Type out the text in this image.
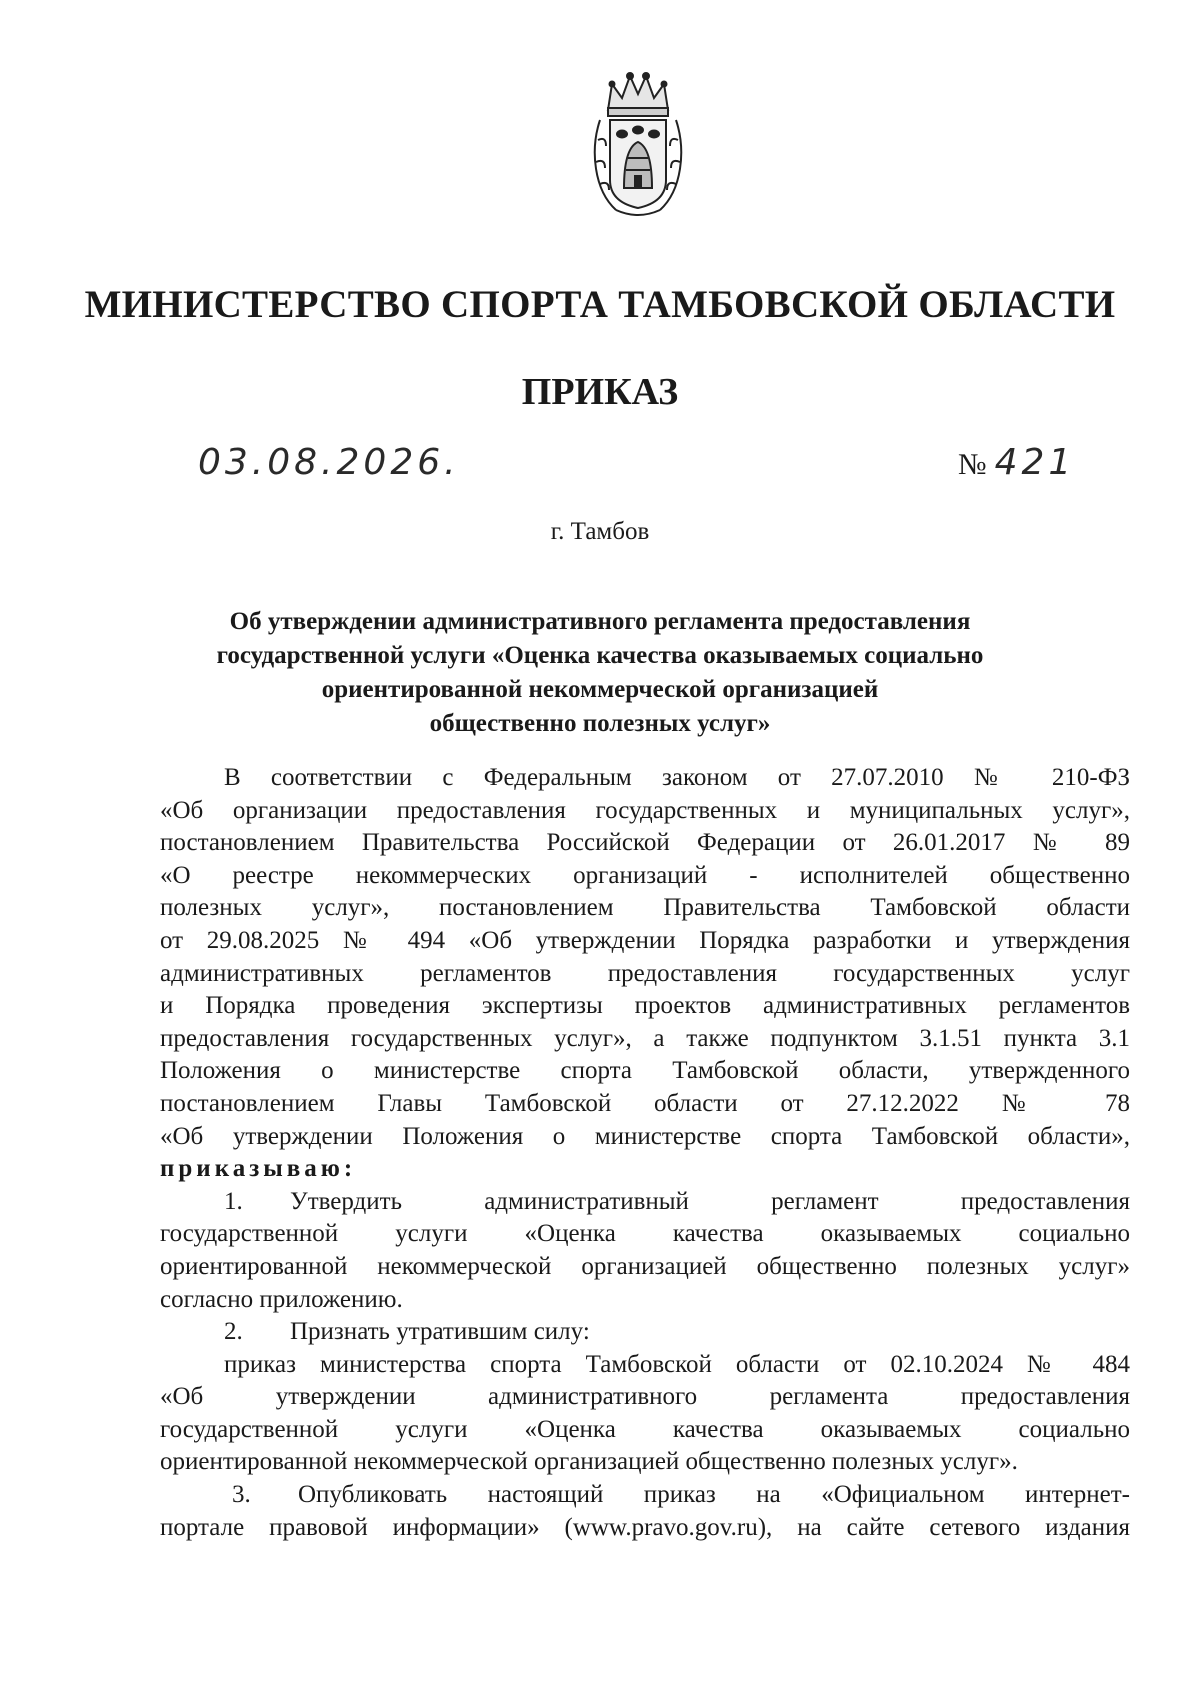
МИНИСТЕРСТВО СПОРТА ТАМБОВСКОЙ ОБЛАСТИ
ПРИКАЗ
03.08.2026.	№ 421
г. Тамбов
Об утверждении административного регламента предоставления
государственной услуги «Оценка качества оказываемых социально
ориентированной некоммерческой организацией
общественно полезных услуг»
В соответствии с Федеральным законом от 27.07.2010 № 210-ФЗ
«Об организации предоставления государственных и муниципальных услуг»,
постановлением Правительства Российской Федерации от 26.01.2017 № 89
«О реестре некоммерческих организаций - исполнителей общественно
полезных услуг», постановлением Правительства Тамбовской области
от 29.08.2025 № 494 «Об утверждении Порядка разработки и утверждения
административных регламентов предоставления государственных услуг
и Порядка проведения экспертизы проектов административных регламентов
предоставления государственных услуг», а также подпунктом 3.1.51 пункта 3.1
Положения о министерстве спорта Тамбовской области, утвержденного
постановлением Главы Тамбовской области от 27.12.2022 № 78
«Об утверждении Положения о министерстве спорта Тамбовской области»,
приказываю:
1. Утвердить административный регламент предоставления
государственной услуги «Оценка качества оказываемых социально
ориентированной некоммерческой организацией общественно полезных услуг»
согласно приложению.
2. Признать утратившим силу:
приказ министерства спорта Тамбовской области от 02.10.2024 № 484
«Об утверждении административного регламента предоставления
государственной услуги «Оценка качества оказываемых социально
ориентированной некоммерческой организацией общественно полезных услуг».
3. Опубликовать настоящий приказ на «Официальном интернет-
портале правовой информации» (www.pravo.gov.ru), на сайте сетевого издания
